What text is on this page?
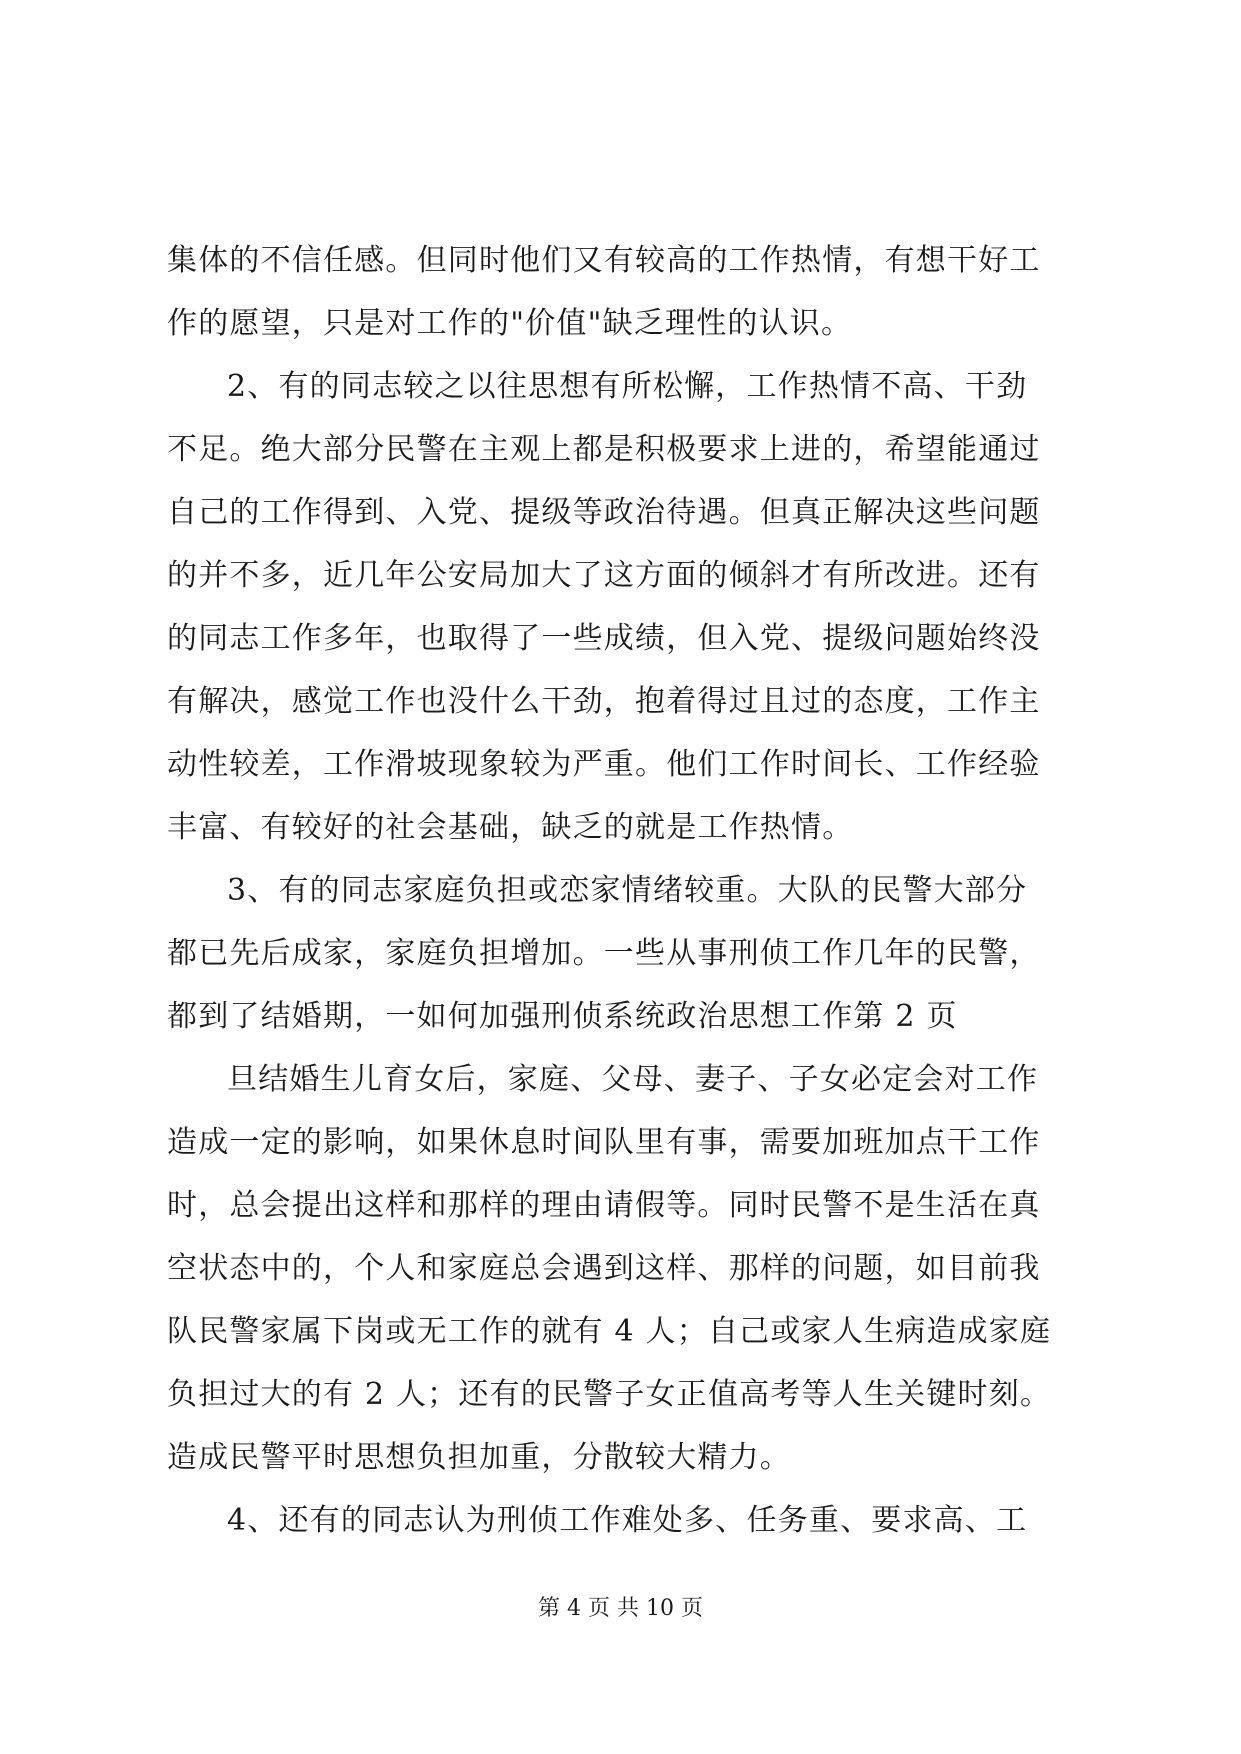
集体的不信任感。但同时他们又有较高的工作热情，有想干好工
作的愿望，只是对工作的"价值"缺乏理性的认识。
2、有的同志较之以往思想有所松懈，工作热情不高、干劲
不足。绝大部分民警在主观上都是积极要求上进的，希望能通过
自己的工作得到、入党、提级等政治待遇。但真正解决这些问题
的并不多，近几年公安局加大了这方面的倾斜才有所改进。还有
的同志工作多年，也取得了一些成绩，但入党、提级问题始终没
有解决，感觉工作也没什么干劲，抱着得过且过的态度，工作主
动性较差，工作滑坡现象较为严重。他们工作时间长、工作经验
丰富、有较好的社会基础，缺乏的就是工作热情。
3、有的同志家庭负担或恋家情绪较重。大队的民警大部分
都已先后成家，家庭负担增加。一些从事刑侦工作几年的民警，
都到了结婚期，一如何加强刑侦系统政治思想工作第 2 页
旦结婚生儿育女后，家庭、父母、妻子、子女必定会对工作
造成一定的影响，如果休息时间队里有事，需要加班加点干工作
时，总会提出这样和那样的理由请假等。同时民警不是生活在真
空状态中的，个人和家庭总会遇到这样、那样的问题，如目前我
队民警家属下岗或无工作的就有 4 人；自己或家人生病造成家庭
负担过大的有 2 人；还有的民警子女正值高考等人生关键时刻。
造成民警平时思想负担加重，分散较大精力。
4、还有的同志认为刑侦工作难处多、任务重、要求高、工
第 4 页 共 10 页
